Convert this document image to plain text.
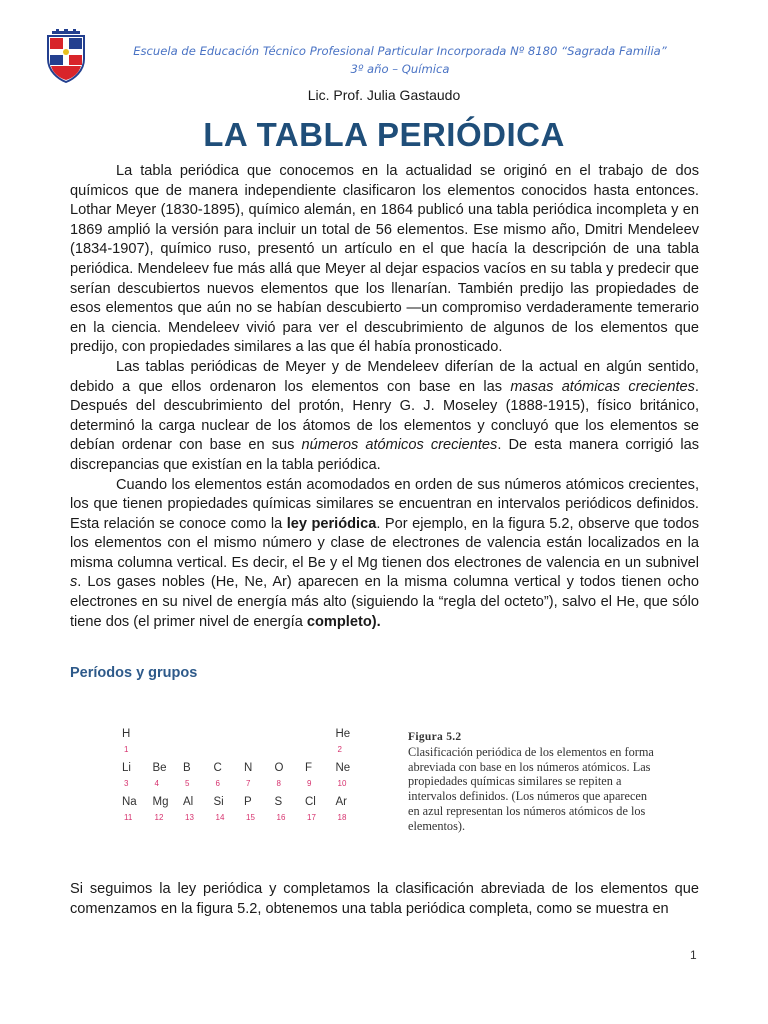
Escuela de Educación Técnico Profesional Particular Incorporada Nº 8180 “Sagrada Familia”
3º año – Química
Lic. Prof. Julia Gastaudo
LA TABLA PERIÓDICA

La tabla periódica que conocemos en la actualidad se originó en el trabajo de dos químicos que de manera independiente clasificaron los elementos conocidos hasta entonces. Lothar Meyer (1830-1895), químico alemán, en 1864 publicó una tabla periódica incompleta y en 1869 amplió la versión para incluir un total de 56 elementos. Ese mismo año, Dmitri Mendeleev (1834-1907), químico ruso, presentó un artículo en el que hacía la descripción de una tabla periódica. Mendeleev fue más allá que Meyer al dejar espacios vacíos en su tabla y predecir que serían descubiertos nuevos elementos que los llenarían. También predijo las propiedades de esos elementos que aún no se habían descubierto —un compromiso verdaderamente temerario en la ciencia. Mendeleev vivió para ver el descubrimiento de algunos de los elementos que predijo, con propiedades similares a las que él había pronosticado.

Las tablas periódicas de Meyer y de Mendeleev diferían de la actual en algún sentido, debido a que ellos ordenaron los elementos con base en las masas atómicas crecientes. Después del descubrimiento del protón, Henry G. J. Moseley (1888-1915), físico británico, determinó la carga nuclear de los átomos de los elementos y concluyó que los elementos se debían ordenar con base en sus números atómicos crecientes. De esta manera corrigió las discrepancias que existían en la tabla periódica.

Cuando los elementos están acomodados en orden de sus números atómicos crecientes, los que tienen propiedades químicas similares se encuentran en intervalos periódicos definidos. Esta relación se conoce como la ley periódica. Por ejemplo, en la figura 5.2, observe que todos los elementos con el mismo número y clase de electrones de valencia están localizados en la misma columna vertical. Es decir, el Be y el Mg tienen dos electrones de valencia en un subnivel s. Los gases nobles (He, Ne, Ar) aparecen en la misma columna vertical y todos tienen ocho electrones en su nivel de energía más alto (siguiendo la “regla del octeto”), salvo el He, que sólo tiene dos (el primer nivel de energía completo).

Períodos y grupos
H
1
He
2
Li
3
Be
4
B
5
C
6
N
7
O
8
F
9
Ne
10
Na
11
Mg
12
Al
13
Si
14
P
15
S
16
Cl
17
Ar
18
Figura 5.2
Clasificación periódica de los elementos en forma abreviada con base en los números atómicos. Las propiedades químicas similares se repiten a intervalos definidos. (Los números que aparecen en azul representan los números atómicos de los elementos).

Si seguimos la ley periódica y completamos la clasificación abreviada de los elementos que comenzamos en la figura 5.2, obtenemos una tabla periódica completa, como se muestra en

1
